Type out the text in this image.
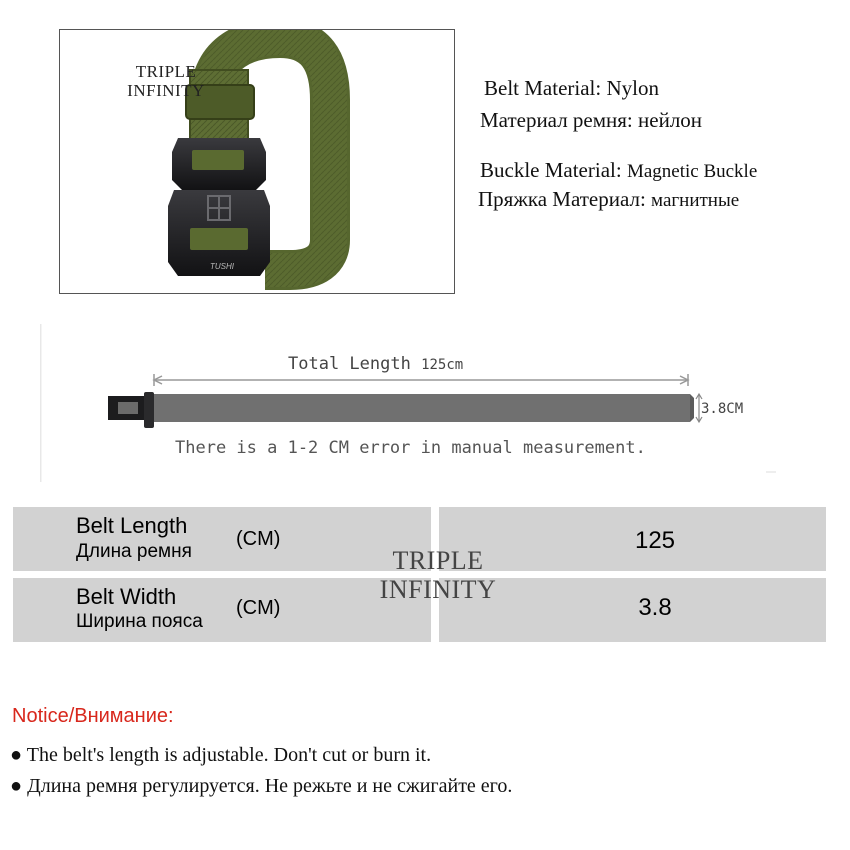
TRIPLE
INFINITY
TUSHI
Belt Material: Nylon
Материал ремня: нейлон
Buckle Material: Magnetic Buckle
Пряжка Материал: магнитные
Total Length 125cm
3.8CM
There is a 1-2 CM error in manual measurement.
Belt Length
Длина ремня
(CM)	125
Belt Width
Ширина пояса
(CM)	3.8
TRIPLE
INFINITY
Notice/Внимание:
● The belt's length is adjustable. Don't cut or burn it.
● Длина ремня регулируется. Не режьте и не сжигайте его.
